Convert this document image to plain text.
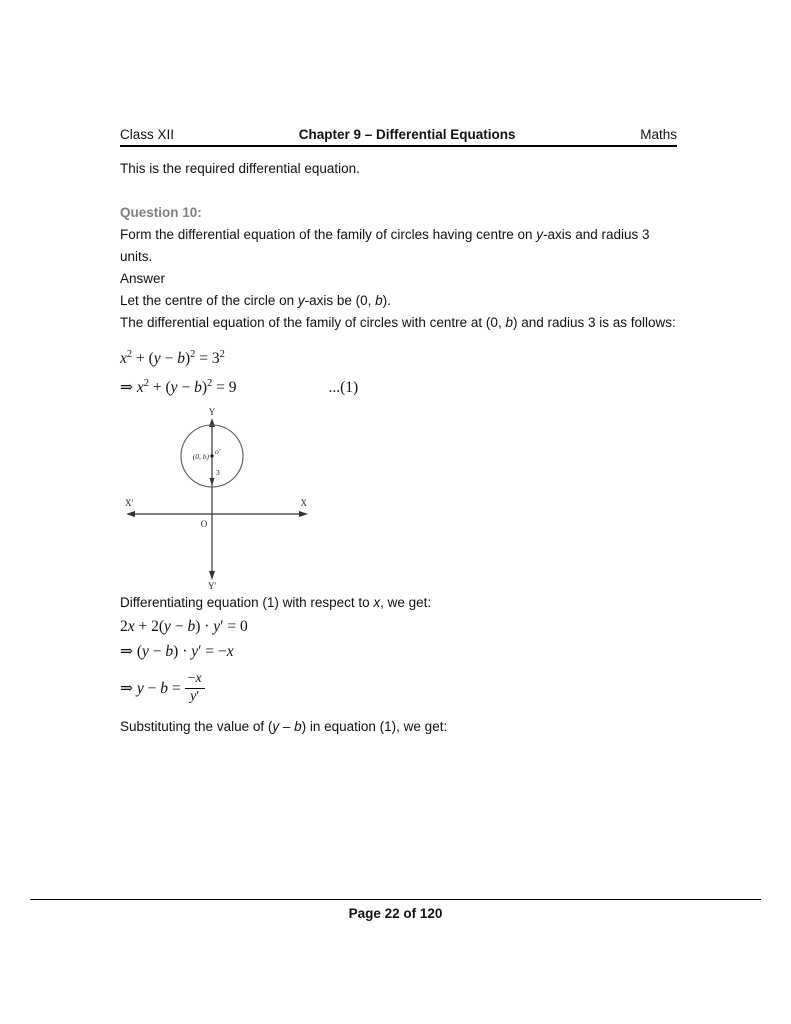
Class XII	Chapter 9 – Differential Equations	Maths

This is the required differential equation.

Question 10:

Form the differential equation of the family of circles having centre on y-axis and radius 3 units.

Answer

Let the centre of the circle on y-axis be (0, b).

The differential equation of the family of circles with centre at (0, b) and radius 3 is as follows:

$x^2 + (y - b)^2 = 3^2$

⇒ $x^2 + (y - b)^2 = 9$	...(1)

Y
Y'
X'	X
O
(0, b)
o'
3

Differentiating equation (1) with respect to x, we get:

2x + 2(y − b) · y′ = 0

⇒ (y − b) · y′ = −x

⇒ $y - b = \frac{-x}{y'}$

Substituting the value of (y – b) in equation (1), we get:

Page 22 of 120
